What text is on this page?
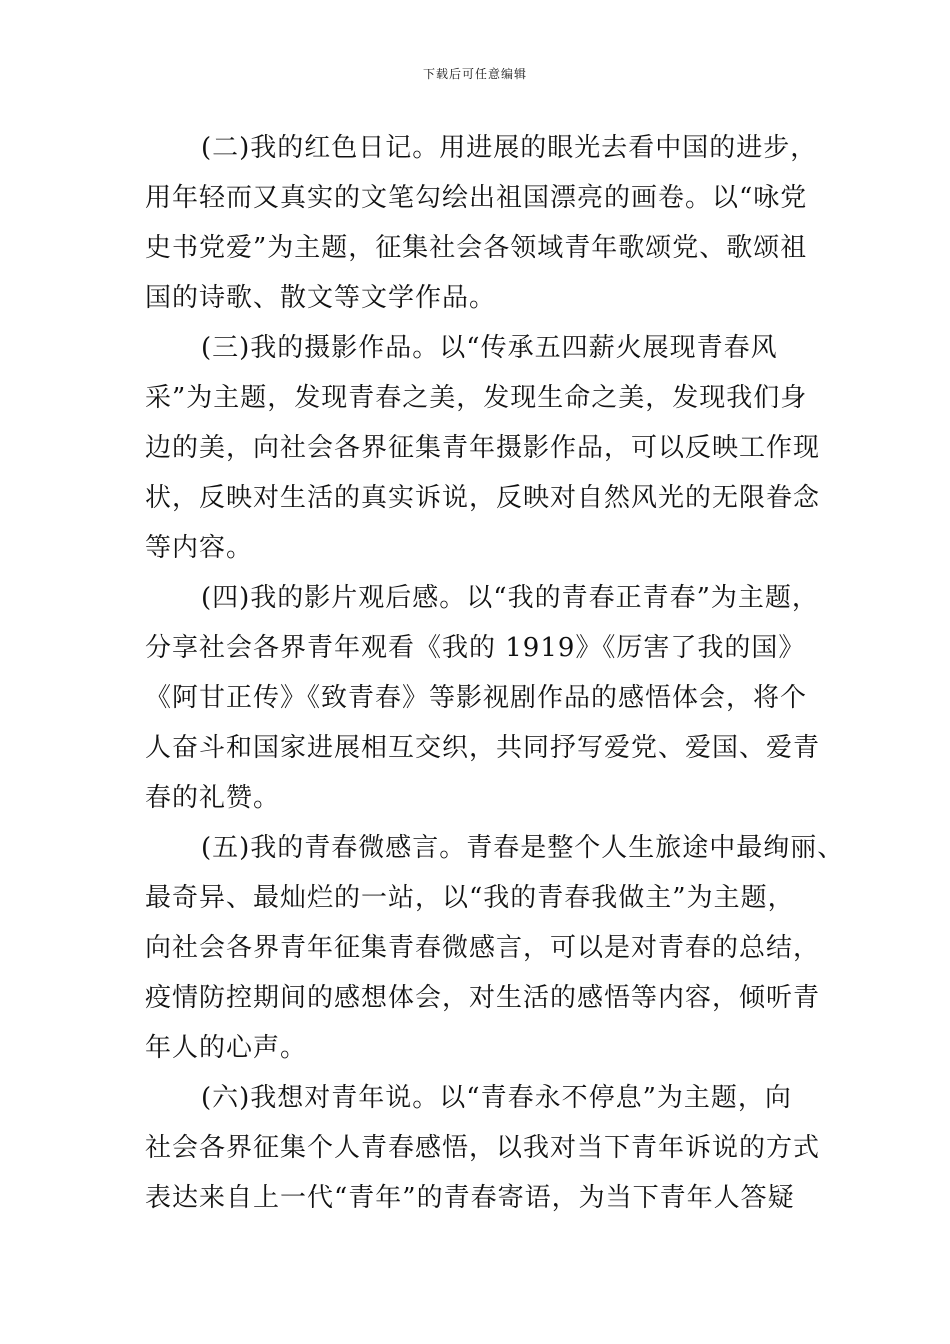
下载后可任意编辑
(二)我的红色日记。用进展的眼光去看中国的进步，
用年轻而又真实的文笔勾绘出祖国漂亮的画卷。以“咏党
史书党爱”为主题，征集社会各领域青年歌颂党、歌颂祖
国的诗歌、散文等文学作品。
(三)我的摄影作品。以“传承五四薪火展现青春风
采”为主题，发现青春之美，发现生命之美，发现我们身
边的美，向社会各界征集青年摄影作品，可以反映工作现
状，反映对生活的真实诉说，反映对自然风光的无限眷念
等内容。
(四)我的影片观后感。以“我的青春正青春”为主题，
分享社会各界青年观看《我的 1919》《厉害了我的国》
《阿甘正传》《致青春》等影视剧作品的感悟体会，将个
人奋斗和国家进展相互交织，共同抒写爱党、爱国、爱青
春的礼赞。
(五)我的青春微感言。青春是整个人生旅途中最绚丽、
最奇异、最灿烂的一站，以“我的青春我做主”为主题，
向社会各界青年征集青春微感言，可以是对青春的总结，
疫情防控期间的感想体会，对生活的感悟等内容，倾听青
年人的心声。
(六)我想对青年说。以“青春永不停息”为主题，向
社会各界征集个人青春感悟，以我对当下青年诉说的方式
表达来自上一代“青年”的青春寄语，为当下青年人答疑
